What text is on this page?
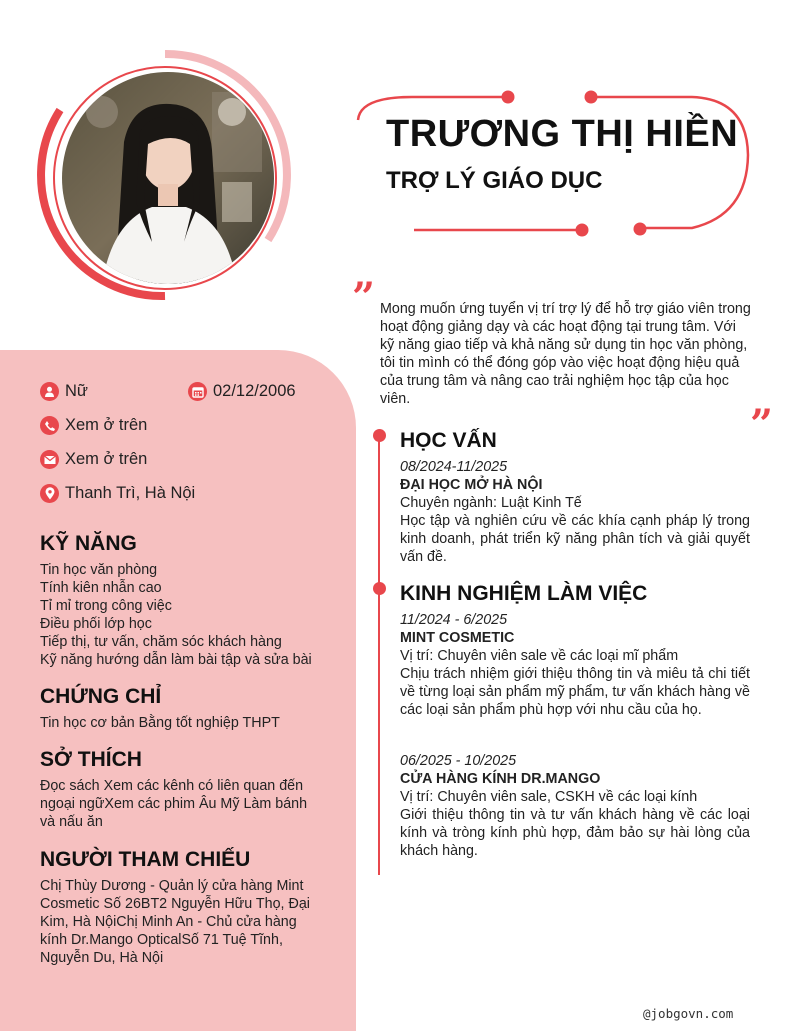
TRƯƠNG THỊ HIỀN
TRỢ LÝ GIÁO DỤC
” Mong muốn ứng tuyển vị trí trợ lý để hỗ trợ giáo viên trong hoạt động giảng dạy và các hoạt động tại trung tâm. Với kỹ năng giao tiếp và khả năng sử dụng tin học văn phòng, tôi tin mình có thể đóng góp vào việc hoạt động hiệu quả của trung tâm và nâng cao trải nghiệm học tập của học viên.
”
Nữ	02/12/2006
Xem ở trên
Xem ở trên
Thanh Trì, Hà Nội
KỸ NĂNG
Tin học văn phòng
Tính kiên nhẫn cao
Tỉ mỉ trong công việc
Điều phối lớp học
Tiếp thị, tư vấn, chăm sóc khách hàng
Kỹ năng hướng dẫn làm bài tập và sửa bài
CHỨNG CHỈ
Tin học cơ bản Bằng tốt nghiệp THPT
SỞ THÍCH
Đọc sách Xem các kênh có liên quan đến
ngoại ngữXem các phim Âu Mỹ Làm bánh
và nấu ăn
NGƯỜI THAM CHIẾU
Chị Thùy Dương - Quản lý cửa hàng Mint
Cosmetic Số 26BT2 Nguyễn Hữu Thọ, Đại
Kim, Hà NộiChị Minh An - Chủ cửa hàng
kính Dr.Mango OpticalSố 71 Tuệ Tĩnh,
Nguyễn Du, Hà Nội
HỌC VẤN
08/2024-11/2025
ĐẠI HỌC MỞ HÀ NỘI
Chuyên ngành: Luật Kinh Tế
Học tập và nghiên cứu về các khía cạnh pháp lý trong kinh doanh, phát triển kỹ năng phân tích và giải quyết vấn đề.
KINH NGHIỆM LÀM VIỆC
11/2024 - 6/2025
MINT COSMETIC
Vị trí: Chuyên viên sale về các loại mĩ phẩm
Chịu trách nhiệm giới thiệu thông tin và miêu tả chi tiết về từng loại sản phẩm mỹ phẩm, tư vấn khách hàng về các loại sản phẩm phù hợp với nhu cầu của họ.
06/2025 - 10/2025
CỬA HÀNG KÍNH DR.MANGO
Vị trí: Chuyên viên sale, CSKH về các loại kính
Giới thiệu thông tin và tư vấn khách hàng về các loại kính và tròng kính phù hợp, đảm bảo sự hài lòng của khách hàng.
@jobgovn.com
